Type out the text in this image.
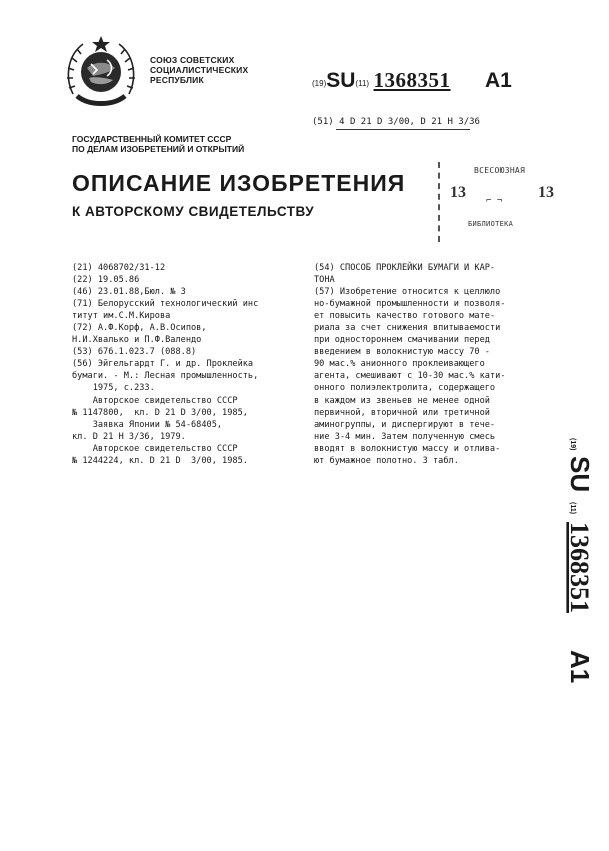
СОЮЗ СОВЕТСКИХ
СОЦИАЛИСТИЧЕСКИХ
РЕСПУБЛИК	(19)SU(11) 1368351 A1
(51) 4 D 21 D 3/00, D 21 H 3/36
ГОСУДАРСТВЕННЫЙ КОМИТЕТ СССР
ПО ДЕЛАМ ИЗОБРЕТЕНИЙ И ОТКРЫТИЙ
ОПИСАНИЕ ИЗОБРЕТЕНИЯ
К АВТОРСКОМУ СВИДЕТЕЛЬСТВУ
ВСЕСОЮЗНАЯ
13 ⌐ ¬ 13
БИБЛИОТЕКА

(21) 4068702/31-12

(22) 19.05.86

(46) 23.01.88,Бюл. № 3

(71) Белорусский технологический инс

титут им.С.М.Кирова

(72) А.Ф.Корф, А.В.Осипов,

Н.И.Хвалько и П.Ф.Валендо

(53) 676.1.023.7 (088.8)

(56) Эйгельгардт Г. и др. Проклейка

бумаги. - М.: Лесная промышленность,

1975, с.233.

Авторское свидетельство СССР

№ 1147800,  кл. D 21 D 3/00, 1985,

Заявка Японии № 54-68405,

кл. D 21 H 3/36, 1979.

Авторское свидетельство СССР

№ 1244224, кл. D 21 D  3/00, 1985.

(54) СПОСОБ ПРОКЛЕЙКИ БУМАГИ И КАР-

ТОНА

(57) Изобретение относится к целлюло

но-бумажной промышленности и позволя-

ет повысить качество готового мате-

риала за счет снижения впитываемости

при одностороннем смачивании перед

введением в волокнистую массу 70 -

90 мас.% анионного проклеивающего

агента, смешивают с 10-30 мас.% кати-

онного полиэлектролита, содержащего

в каждом из звеньев не менее одной

первичной, вторичной или третичной

аминогруппы, и диспергируют в тече-

ние 3-4 мин. Затем полученную смесь

вводят в волокнистую массу и отлива-

ют бумажное полотно. 3 табл.

(19)
SU
(11)
1368351
A1
